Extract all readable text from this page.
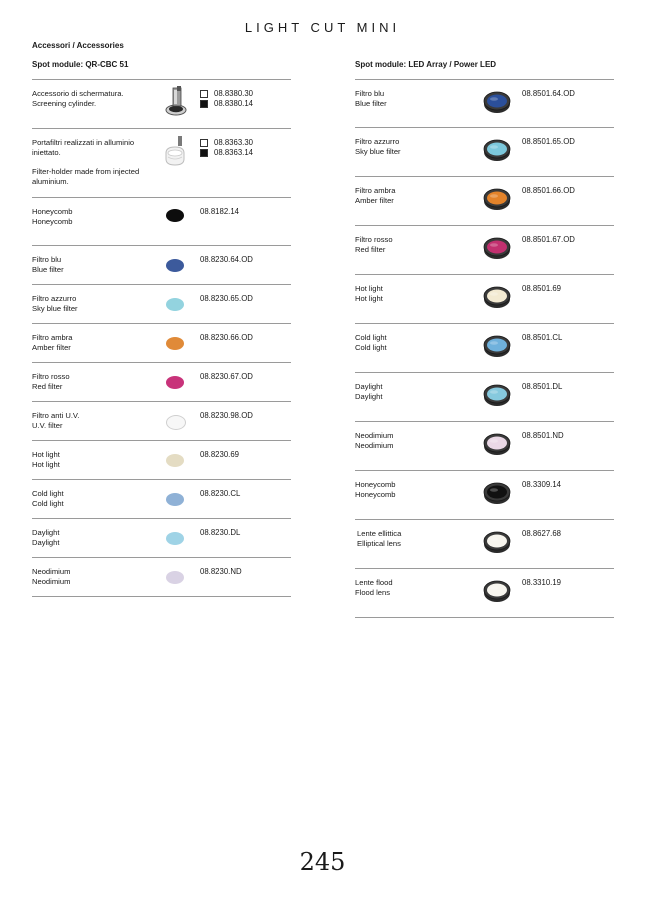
LIGHT CUT MINI
Accessori / Accessories
Spot module: QR-CBC 51
Accessorio di schermatura.
Screening cylinder.
08.8380.30
08.8380.14

Portafiltri realizzati in alluminio iniettato.

Filter-holder made from injected aluminium.

08.8363.30
08.8363.14
Honeycomb
Honeycomb
08.8182.14
Filtro blu
Blue filter
08.8230.64.OD
Filtro azzurro
Sky blue filter
08.8230.65.OD
Filtro ambra
Amber filter
08.8230.66.OD
Filtro rosso
Red filter
08.8230.67.OD
Filtro anti U.V.
U.V. filter
08.8230.98.OD
Hot light
Hot light
08.8230.69
Cold light
Cold light
08.8230.CL
Daylight
Daylight
08.8230.DL
Neodimium
Neodimium
08.8230.ND
Spot module: LED Array / Power LED
Filtro blu
Blue filter
08.8501.64.OD
Filtro azzurro
Sky blue filter
08.8501.65.OD
Filtro ambra
Amber filter
08.8501.66.OD
Filtro rosso
Red filter
08.8501.67.OD
Hot light
Hot light
08.8501.69
Cold light
Cold light
08.8501.CL
Daylight
Daylight
08.8501.DL
Neodimium
Neodimium
08.8501.ND
Honeycomb
Honeycomb
08.3309.14
Lente ellittica
Elliptical lens
08.8627.68
Lente flood
Flood lens
08.3310.19
245
